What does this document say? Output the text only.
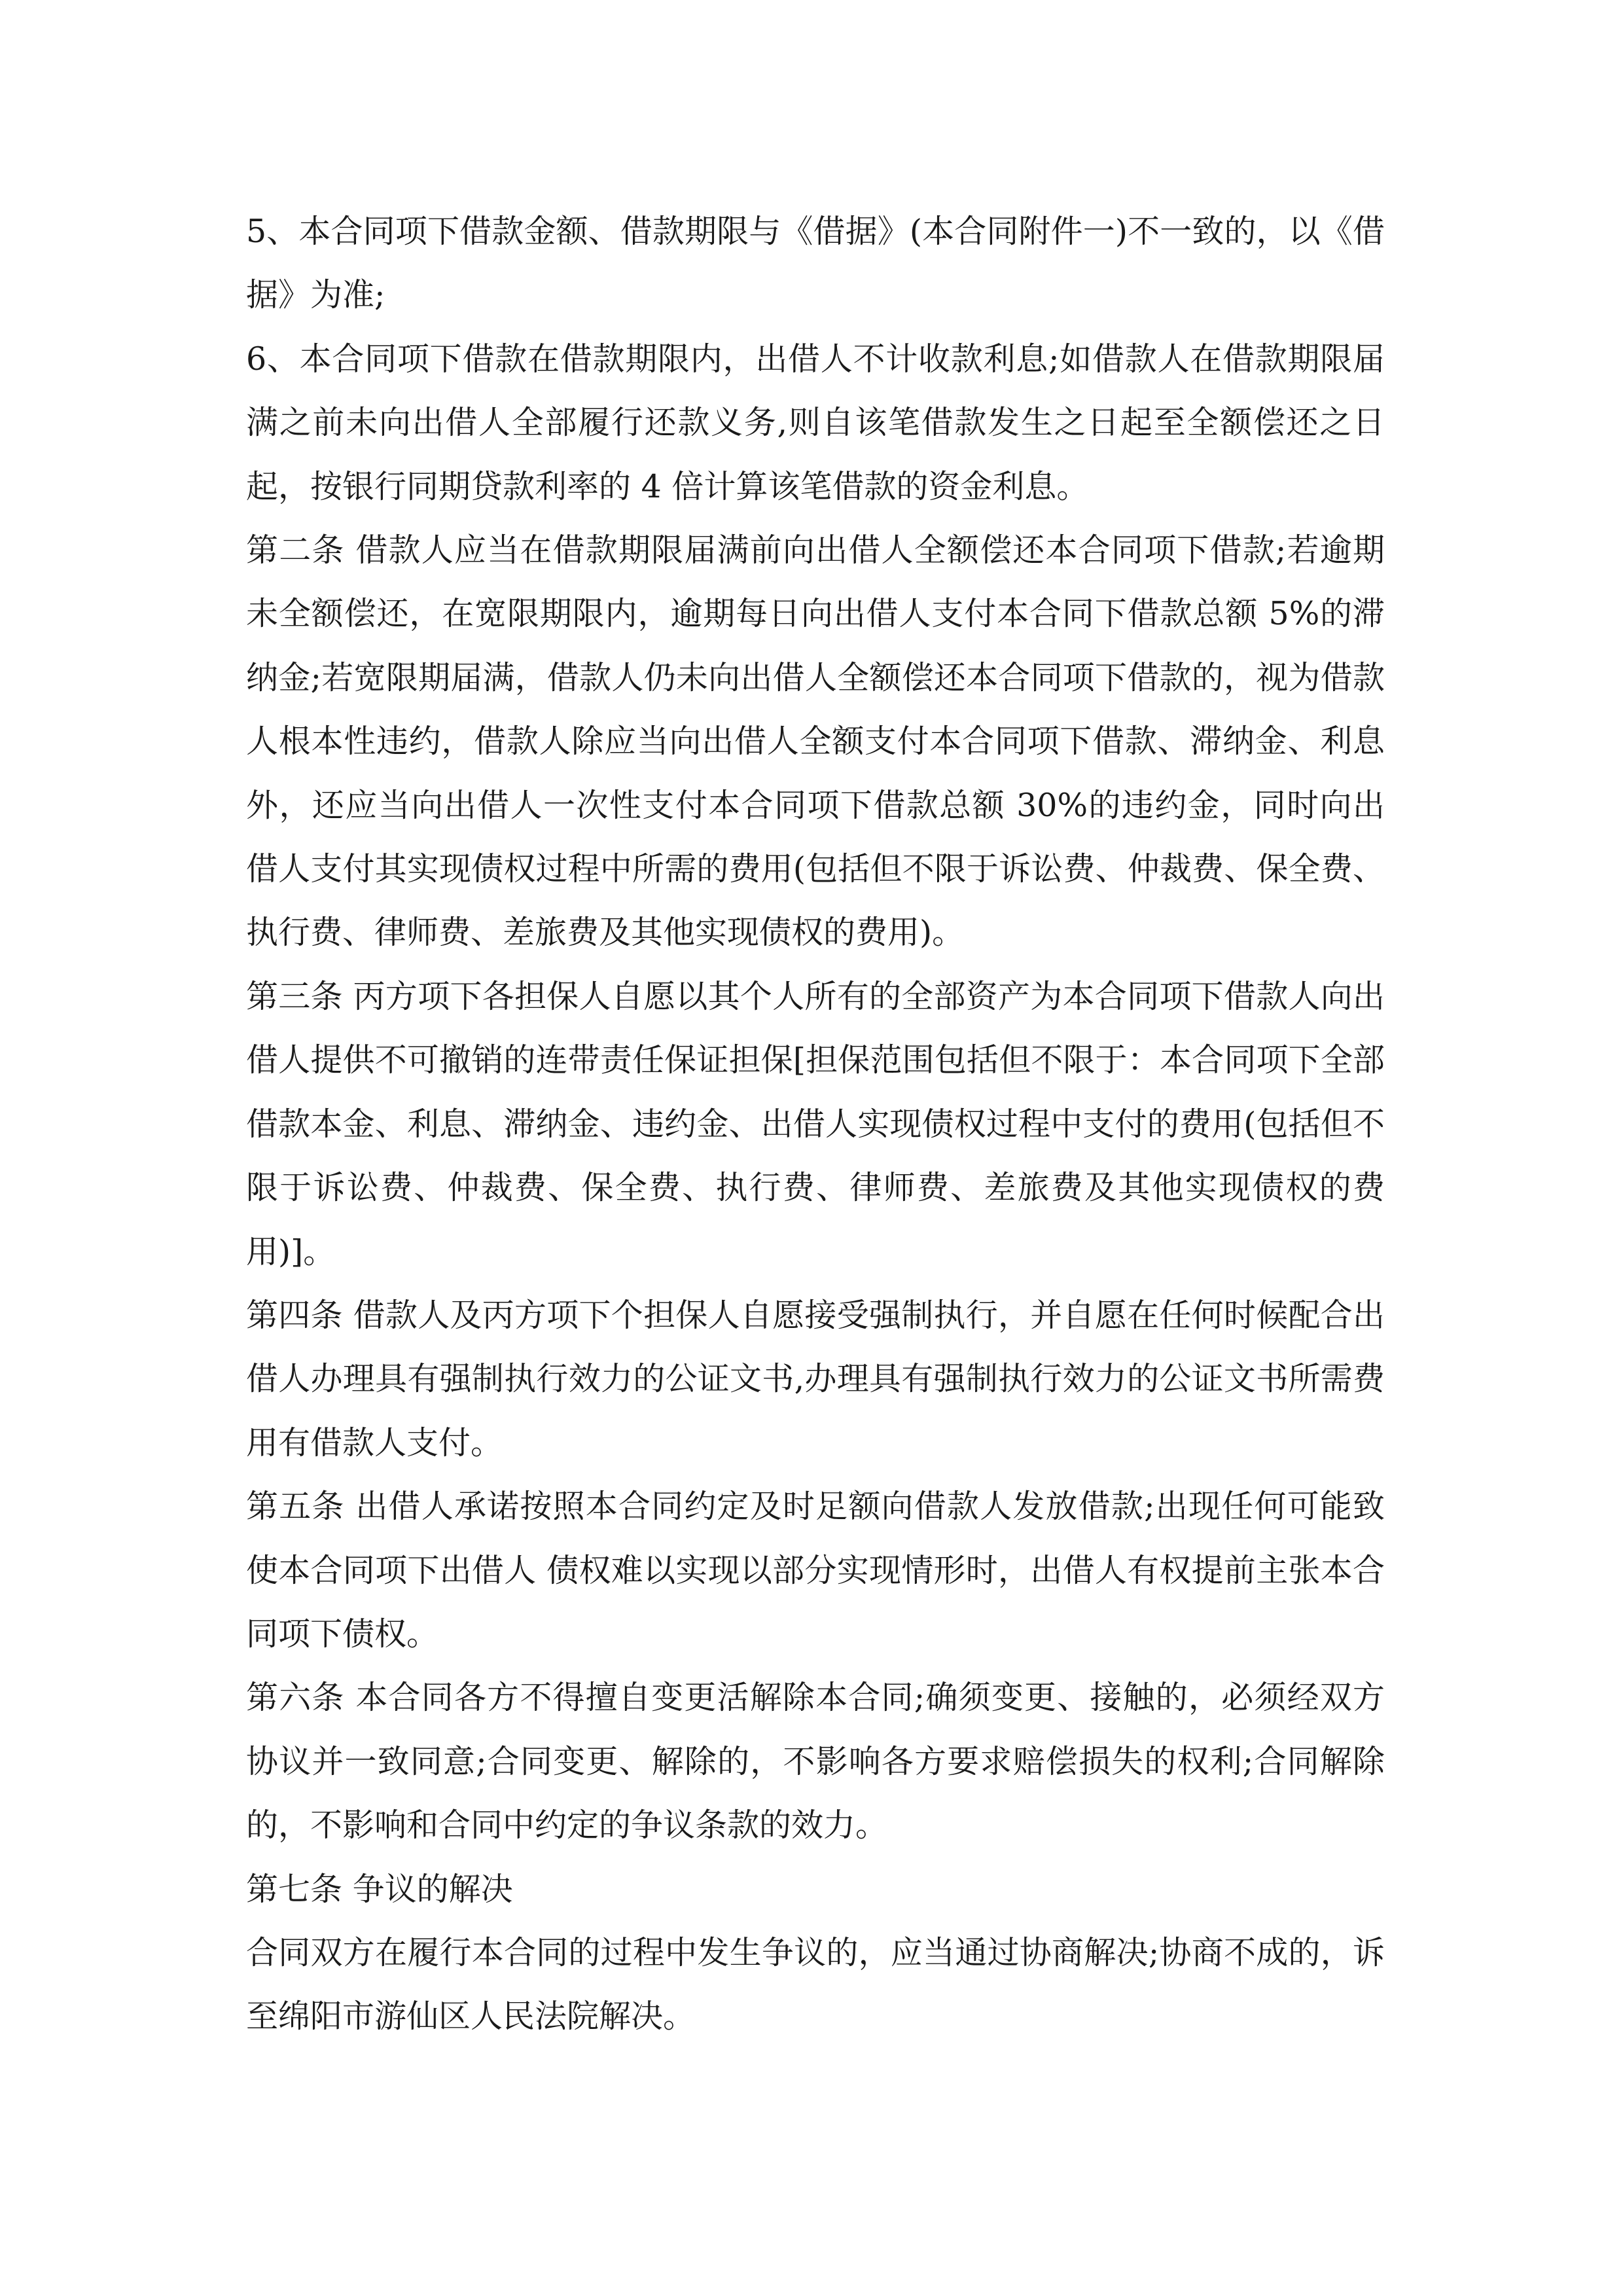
5、本合同项下借款金额、借款期限与《借据》(本合同附件一)不一致的，以《借据》为准;

6、本合同项下借款在借款期限内，出借人不计收款利息;如借款人在借款期限届满之前未向出借人全部履行还款义务,则自该笔借款发生之日起至全额偿还之日起，按银行同期贷款利率的 4 倍计算该笔借款的资金利息。

第二条 借款人应当在借款期限届满前向出借人全额偿还本合同项下借款;若逾期未全额偿还，在宽限期限内，逾期每日向出借人支付本合同下借款总额 5%的滞纳金;若宽限期届满，借款人仍未向出借人全额偿还本合同项下借款的，视为借款人根本性违约，借款人除应当向出借人全额支付本合同项下借款、滞纳金、利息外，还应当向出借人一次性支付本合同项下借款总额 30%的违约金，同时向出借人支付其实现债权过程中所需的费用(包括但不限于诉讼费、仲裁费、保全费、执行费、律师费、差旅费及其他实现债权的费用)。

第三条 丙方项下各担保人自愿以其个人所有的全部资产为本合同项下借款人向出借人提供不可撤销的连带责任保证担保[担保范围包括但不限于：本合同项下全部借款本金、利息、滞纳金、违约金、出借人实现债权过程中支付的费用(包括但不限于诉讼费、仲裁费、保全费、执行费、律师费、差旅费及其他实现债权的费用)]。

第四条 借款人及丙方项下个担保人自愿接受强制执行，并自愿在任何时候配合出借人办理具有强制执行效力的公证文书,办理具有强制执行效力的公证文书所需费用有借款人支付。

第五条 出借人承诺按照本合同约定及时足额向借款人发放借款;出现任何可能致使本合同项下出借人 债权难以实现以部分实现情形时，出借人有权提前主张本合同项下债权。

第六条 本合同各方不得擅自变更活解除本合同;确须变更、接触的，必须经双方协议并一致同意;合同变更、解除的，不影响各方要求赔偿损失的权利;合同解除的，不影响和合同中约定的争议条款的效力。

第七条 争议的解决

合同双方在履行本合同的过程中发生争议的，应当通过协商解决;协商不成的，诉至绵阳市游仙区人民法院解决。
